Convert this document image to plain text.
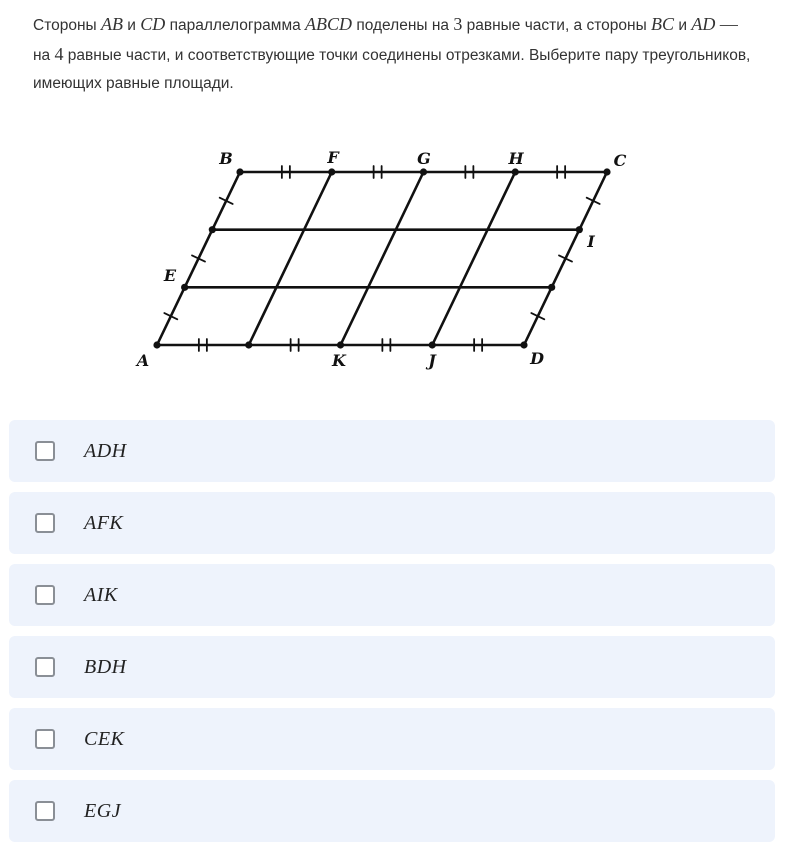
Стороны AB и CD параллелограмма ABCD поделены на 3 равные части, а стороны BC и AD — на 4 равные части, и соответствующие точки соединены отрезками. Выберите пару треугольников, имеющих равные площади.
A
B	C
D
E
F	G	H
I
K	J
ADH
AFK
AIK
BDH
CEK
EGJ
